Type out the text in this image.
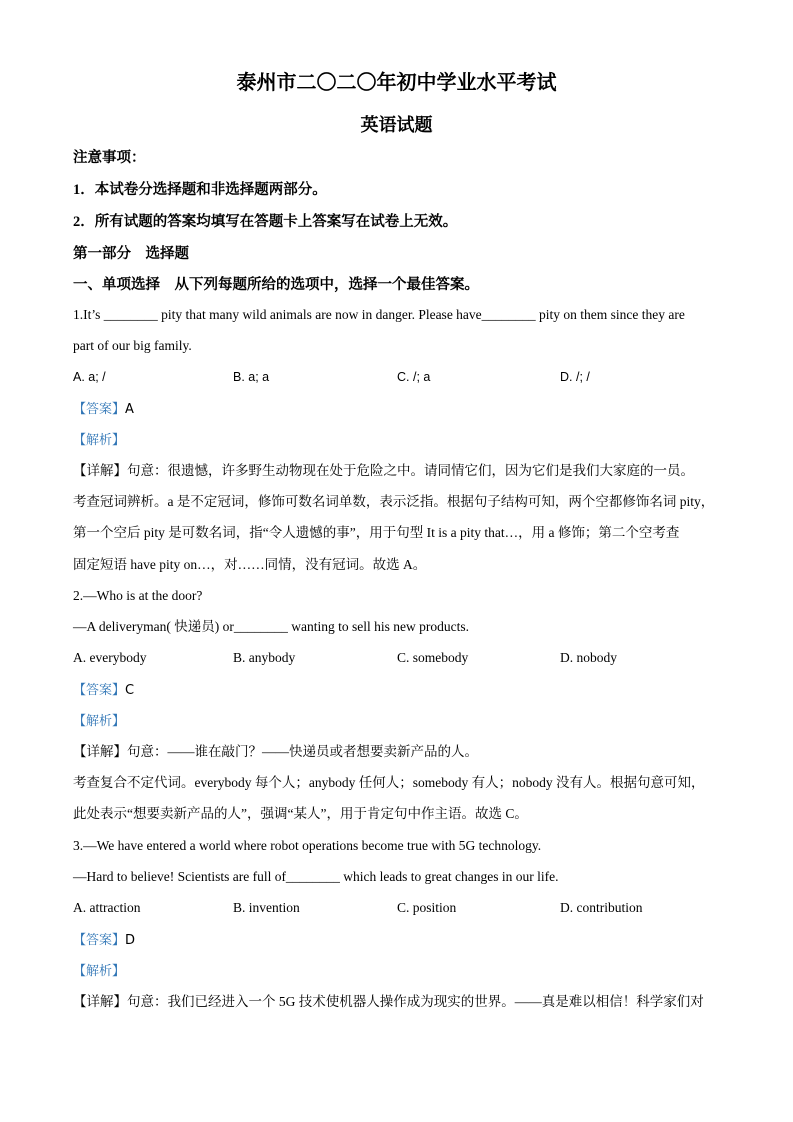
泰州市二〇二〇年初中学业水平考试
英语试题
注意事项：
1．本试卷分选择题和非选择题两部分。
2．所有试题的答案均填写在答题卡上答案写在试卷上无效。
第一部分　选择题
一、单项选择　从下列每题所给的选项中，选择一个最佳答案。
1.It’s ________ pity that many wild animals are now in danger. Please have________ pity on them since they are
part of our big family.
A. a; /	B. a; a	C. /; a	D. /; /
【答案】A
【解析】
【详解】句意：很遗憾，许多野生动物现在处于危险之中。请同情它们，因为它们是我们大家庭的一员。
考查冠词辨析。a 是不定冠词，修饰可数名词单数，表示泛指。根据句子结构可知，两个空都修饰名词 pity，
第一个空后 pity 是可数名词，指“令人遗憾的事”，用于句型 It is a pity that…，用 a 修饰；第二个空考查
固定短语 have pity on…，对……同情，没有冠词。故选 A。
2.—Who is at the door?
—A deliveryman( 快递员) or________ wanting to sell his new products.
A. everybody	B. anybody	C. somebody	D. nobody
【答案】C
【解析】
【详解】句意：——谁在敲门？——快递员或者想要卖新产品的人。
考查复合不定代词。everybody 每个人；anybody 任何人；somebody 有人；nobody 没有人。根据句意可知，
此处表示“想要卖新产品的人”，强调“某人”，用于肯定句中作主语。故选 C。
3.—We have entered a world where robot operations become true with 5G technology.
—Hard to believe! Scientists are full of________ which leads to great changes in our life.
A. attraction	B. invention	C. position	D. contribution
【答案】D
【解析】
【详解】句意：我们已经进入一个 5G 技术使机器人操作成为现实的世界。——真是难以相信！科学家们对
